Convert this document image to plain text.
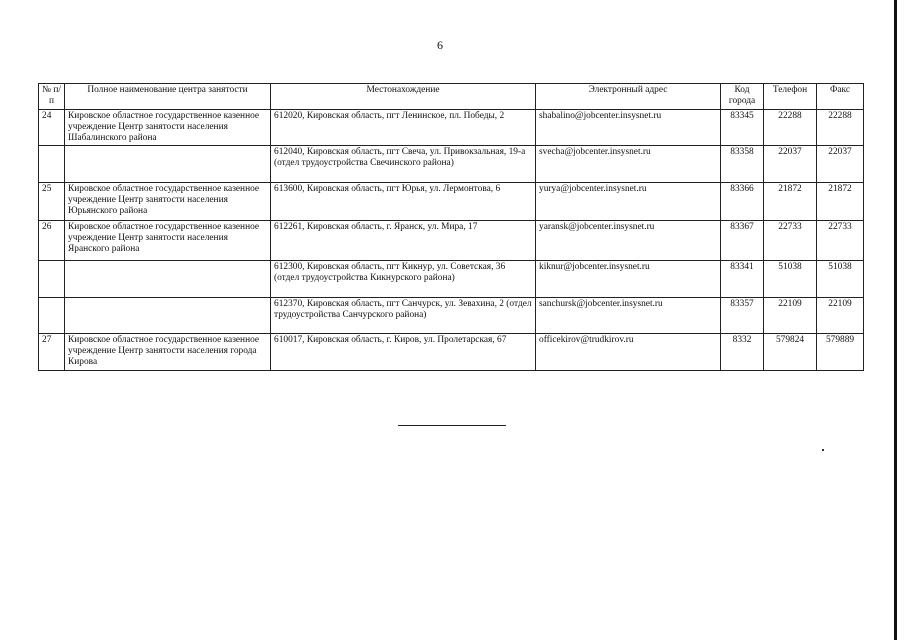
6
№ п/п	Полное наименование центра занятости	Местонахождение	Электронный адрес	Код города	Телефон	Факс
24	Кировское областное государственное казенное учреждение Центр занятости населения Шабалинского района	612020, Кировская область, пгт Ленинское, пл. Победы, 2	shabalino@jobcenter.insysnet.ru	83345	22288	22288
		612040, Кировская область, пгт Свеча, ул. Привокзальная, 19-а (отдел трудоустройства Свечинского района)	svecha@jobcenter.insysnet.ru	83358	22037	22037
25	Кировское областное государственное казенное учреждение Центр занятости населения Юрьянского района	613600, Кировская область, пгт Юрья, ул. Лермонтова, 6	yurya@jobcenter.insysnet.ru	83366	21872	21872
26	Кировское областное государственное казенное учреждение Центр занятости населения Яранского района	612261, Кировская область, г. Яранск, ул. Мира, 17	yaransk@jobcenter.insysnet.ru	83367	22733	22733
		612300, Кировская область, пгт Кикнур, ул. Советская, 36 (отдел трудоустройства Кикнурского района)	kiknur@jobcenter.insysnet.ru	83341	51038	51038
		612370, Кировская область, пгт Санчурск, ул. Зевахина, 2 (отдел трудоустройства Санчурского района)	sanchursk@jobcenter.insysnet.ru	83357	22109	22109
27	Кировское областное государственное казенное учреждение Центр занятости населения города Кирова	610017, Кировская область, г. Киров, ул. Пролетарская, 67	officekirov@trudkirov.ru	8332	579824	579889
